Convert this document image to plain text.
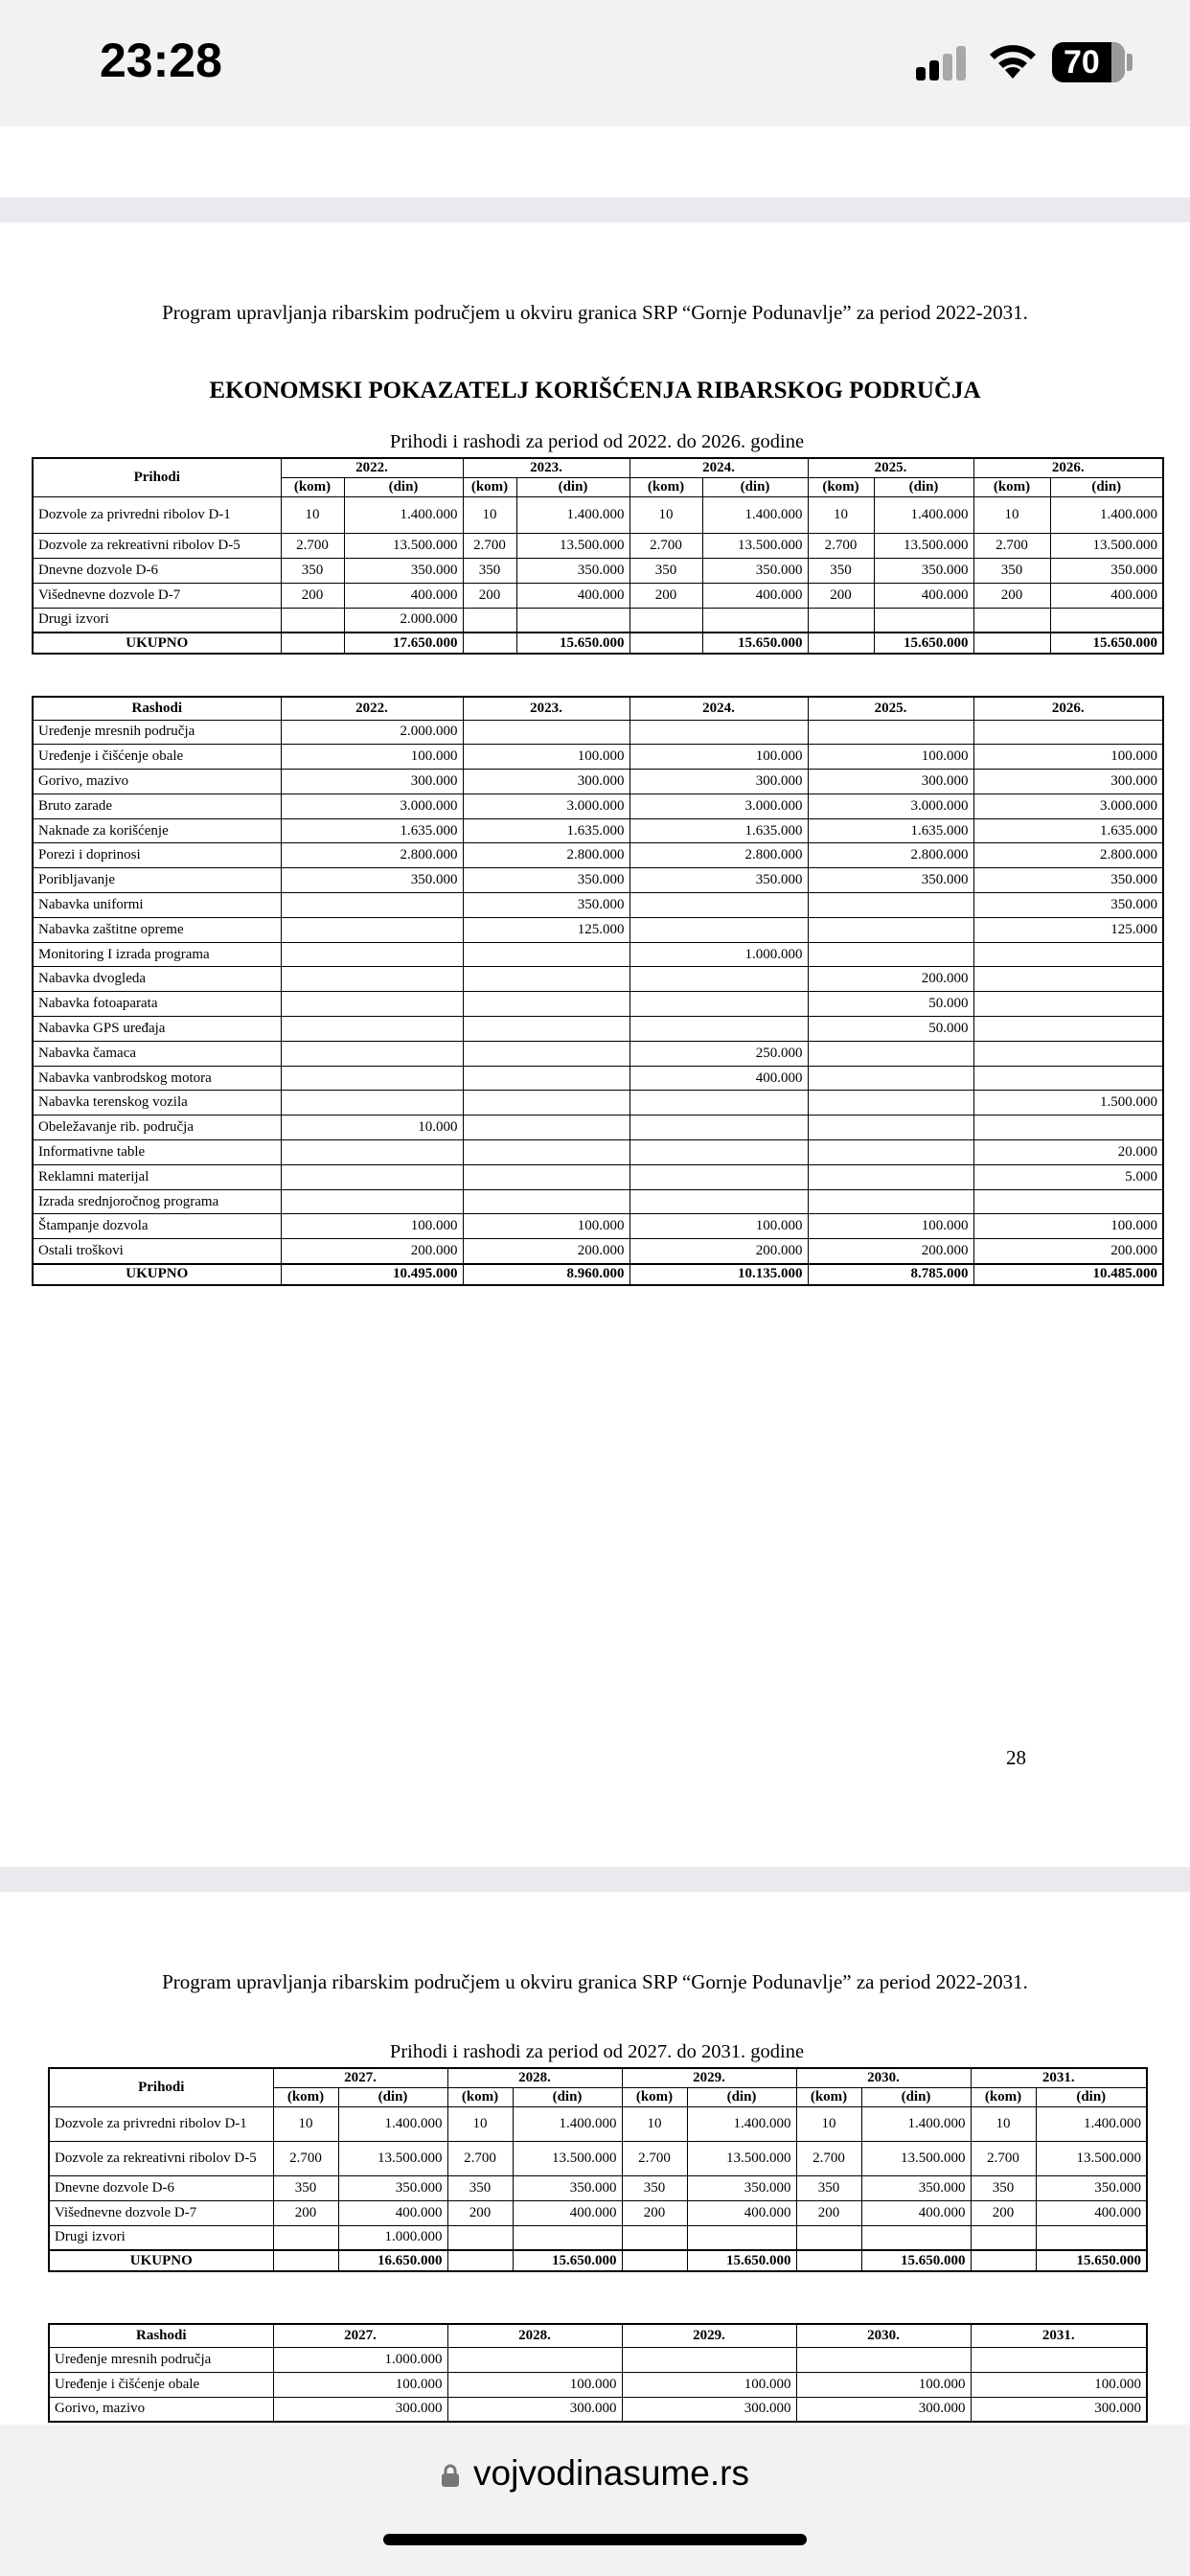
23:28	70
Program upravljanja ribarskim područjem u okviru granica SRP “Gornje Podunavlje” za period 2022-2031.
EKONOMSKI POKAZATELJ KORIŠĆENJA RIBARSKOG PODRUČJA
Prihodi i rashodi za period od 2022. do 2026. godine
Prihodi	2022.		2023.		2024.		2025.		2026.	
	(kom)	(din)	(kom)	(din)	(kom)	(din)	(kom)	(din)	(kom)	(din)
Dozvole za privredni ribolov D-1	10	1.400.000	10	1.400.000	10	1.400.000	10	1.400.000	10	1.400.000
Dozvole za rekreativni ribolov D-5	2.700	13.500.000	2.700	13.500.000	2.700	13.500.000	2.700	13.500.000	2.700	13.500.000
Dnevne dozvole D-6	350	350.000	350	350.000	350	350.000	350	350.000	350	350.000
Višednevne dozvole D-7	200	400.000	200	400.000	200	400.000	200	400.000	200	400.000
Drugi izvori		2.000.000								
UKUPNO		17.650.000		15.650.000		15.650.000		15.650.000		15.650.000
Rashodi	2022.	2023.	2024.	2025.	2026.
Uređenje mresnih područja	2.000.000				
Uređenje i čišćenje obale	100.000	100.000	100.000	100.000	100.000
Gorivo, mazivo	300.000	300.000	300.000	300.000	300.000
Bruto zarade	3.000.000	3.000.000	3.000.000	3.000.000	3.000.000
Naknade za korišćenje	1.635.000	1.635.000	1.635.000	1.635.000	1.635.000
Porezi i doprinosi	2.800.000	2.800.000	2.800.000	2.800.000	2.800.000
Poribljavanje	350.000	350.000	350.000	350.000	350.000
Nabavka uniformi		350.000			350.000
Nabavka zaštitne opreme		125.000			125.000
Monitoring I izrada programa			1.000.000		
Nabavka dvogleda				200.000	
Nabavka fotoaparata				50.000	
Nabavka GPS uređaja				50.000	
Nabavka čamaca			250.000		
Nabavka vanbrodskog motora			400.000		
Nabavka terenskog vozila					1.500.000
Obeležavanje rib. područja	10.000				
Informativne table					20.000
Reklamni materijal					5.000
Izrada srednjoročnog programa					
Štampanje dozvola	100.000	100.000	100.000	100.000	100.000
Ostali troškovi	200.000	200.000	200.000	200.000	200.000
UKUPNO	10.495.000	8.960.000	10.135.000	8.785.000	10.485.000
28
Program upravljanja ribarskim područjem u okviru granica SRP “Gornje Podunavlje” za period 2022-2031.
Prihodi i rashodi za period od 2027. do 2031. godine
Prihodi	2027.		2028.		2029.		2030.		2031.	
	(kom)	(din)	(kom)	(din)	(kom)	(din)	(kom)	(din)	(kom)	(din)
Dozvole za privredni ribolov D-1	10	1.400.000	10	1.400.000	10	1.400.000	10	1.400.000	10	1.400.000
Dozvole za rekreativni ribolov D-5	2.700	13.500.000	2.700	13.500.000	2.700	13.500.000	2.700	13.500.000	2.700	13.500.000
Dnevne dozvole D-6	350	350.000	350	350.000	350	350.000	350	350.000	350	350.000
Višednevne dozvole D-7	200	400.000	200	400.000	200	400.000	200	400.000	200	400.000
Drugi izvori		1.000.000								
UKUPNO		16.650.000		15.650.000		15.650.000		15.650.000		15.650.000
Rashodi	2027.	2028.	2029.	2030.	2031.
Uređenje mresnih područja	1.000.000				
Uređenje i čišćenje obale	100.000	100.000	100.000	100.000	100.000
Gorivo, mazivo	300.000	300.000	300.000	300.000	300.000
vojvodinasume.rs
